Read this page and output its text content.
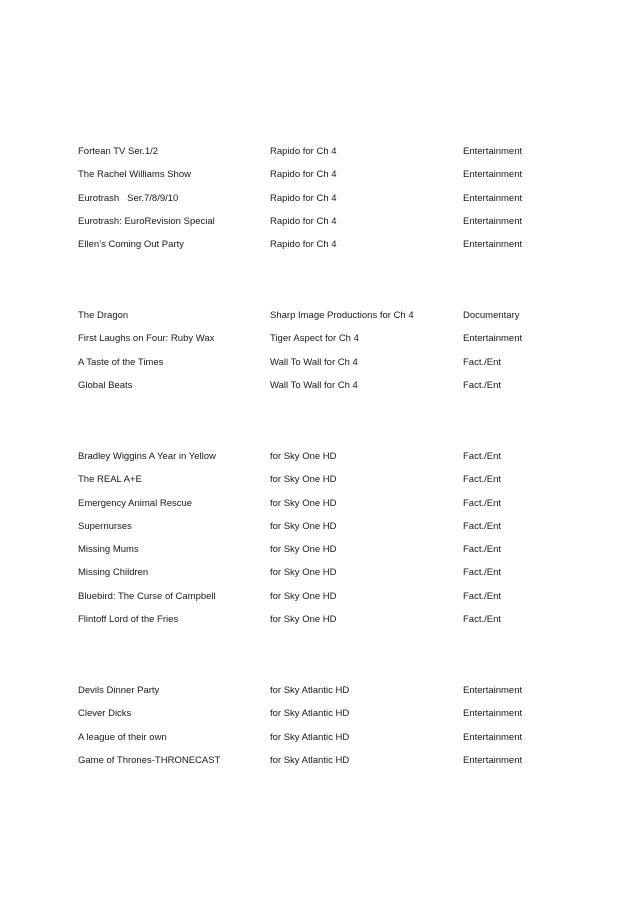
Fortean TV Ser.1/2	Rapido for Ch 4	Entertainment
The Rachel Williams Show	Rapido for Ch 4	Entertainment
Eurotrash   Ser.7/8/9/10	Rapido for Ch 4	Entertainment
Eurotrash: EuroRevision Special	Rapido for Ch 4	Entertainment
Ellen’s Coming Out Party	Rapido for Ch 4	Entertainment
The Dragon	Sharp Image Productions for Ch 4	Documentary
First Laughs on Four: Ruby Wax	Tiger Aspect for Ch 4	Entertainment
A Taste of the Times	Wall To Wall for Ch 4	Fact./Ent
Global Beats	Wall To Wall for Ch 4	Fact./Ent
Bradley Wiggins A Year in Yellow	for Sky One HD	Fact./Ent
The REAL A+E	for Sky One HD	Fact./Ent
Emergency Animal Rescue	for Sky One HD	Fact./Ent
Supernurses	for Sky One HD	Fact./Ent
Missing Mums	for Sky One HD	Fact./Ent
Missing Children	for Sky One HD	Fact./Ent
Bluebird: The Curse of Campbell	for Sky One HD	Fact./Ent
Flintoff Lord of the Fries	for Sky One HD	Fact./Ent
Devils Dinner Party	for Sky Atlantic HD	Entertainment
Clever Dicks	for Sky Atlantic HD	Entertainment
A league of their own	for Sky Atlantic HD	Entertainment
Game of Thrones-THRONECAST	for Sky Atlantic HD	Entertainment
